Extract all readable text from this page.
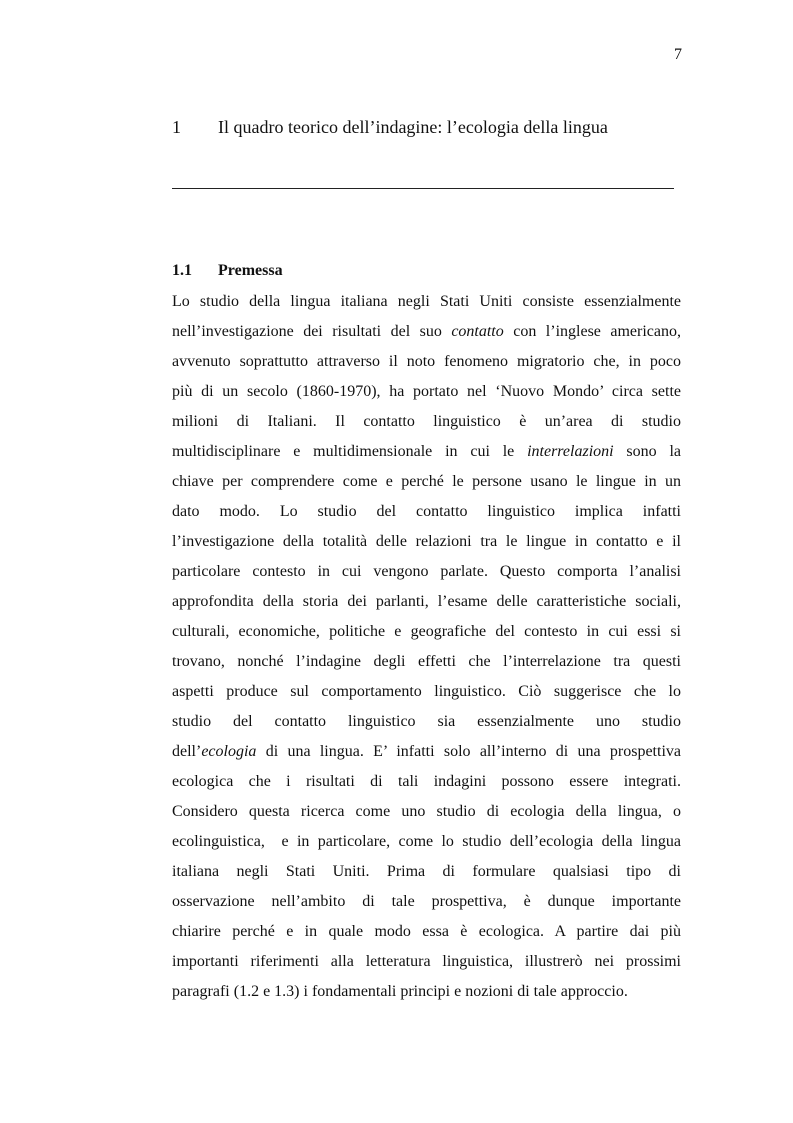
7
1 Il quadro teorico dell’indagine: l’ecologia della lingua
1.1 Premessa
Lo studio della lingua italiana negli Stati Uniti consiste essenzialmente
nell’investigazione dei risultati del suo contatto con l’inglese americano,
avvenuto soprattutto attraverso il noto fenomeno migratorio che, in poco
più di un secolo (1860-1970), ha portato nel ‘Nuovo Mondo’ circa sette
milioni di Italiani. Il contatto linguistico è un’area di studio
multidisciplinare e multidimensionale in cui le interrelazioni sono la
chiave per comprendere come e perché le persone usano le lingue in un
dato modo. Lo studio del contatto linguistico implica infatti
l’investigazione della totalità delle relazioni tra le lingue in contatto e il
particolare contesto in cui vengono parlate. Questo comporta l’analisi
approfondita della storia dei parlanti, l’esame delle caratteristiche sociali,
culturali, economiche, politiche e geografiche del contesto in cui essi si
trovano, nonché l’indagine degli effetti che l’interrelazione tra questi
aspetti produce sul comportamento linguistico. Ciò suggerisce che lo
studio del contatto linguistico sia essenzialmente uno studio
dell’ecologia di una lingua. E’ infatti solo all’interno di una prospettiva
ecologica che i risultati di tali indagini possono essere integrati.
Considero questa ricerca come uno studio di ecologia della lingua, o
ecolinguistica,  e in particolare, come lo studio dell’ecologia della lingua
italiana negli Stati Uniti. Prima di formulare qualsiasi tipo di
osservazione nell’ambito di tale prospettiva, è dunque importante
chiarire perché e in quale modo essa è ecologica. A partire dai più
importanti riferimenti alla letteratura linguistica, illustrerò nei prossimi
paragrafi (1.2 e 1.3) i fondamentali principi e nozioni di tale approccio.
